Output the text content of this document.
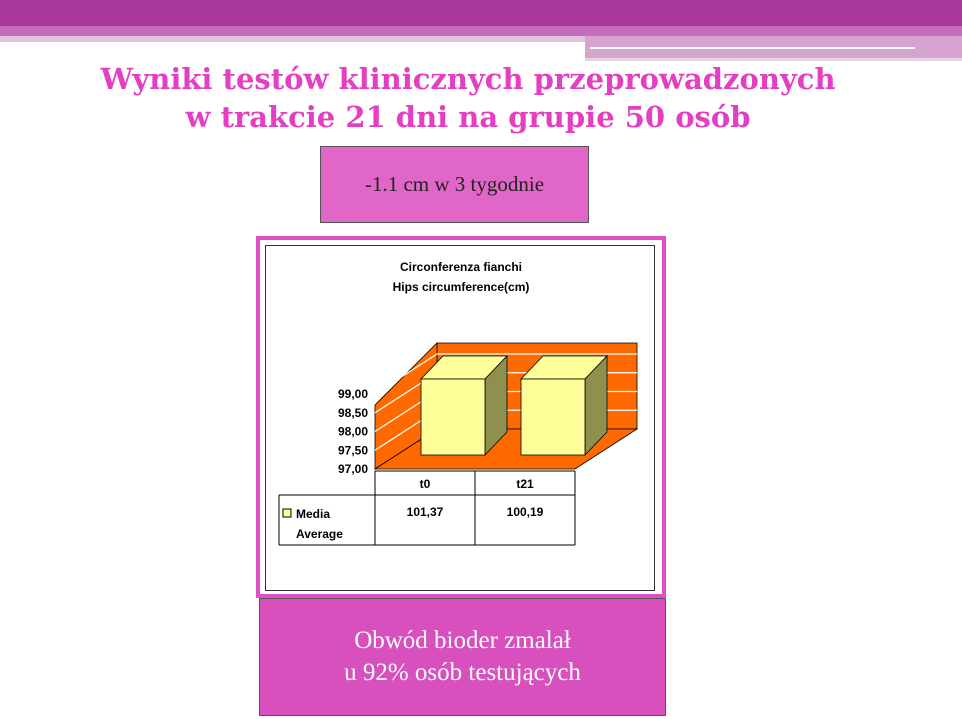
Wyniki testów klinicznych przeprowadzonych
w trakcie 21 dni na grupie 50 osób
-1.1 cm w 3 tygodnie
Circonferenza fianchi
Hips circumference(cm)
97,00
97,50
98,00
98,50
99,00
t0	t21
Media
Average
101,37	100,19
Obwód bioder zmalał
u 92% osób testujących
